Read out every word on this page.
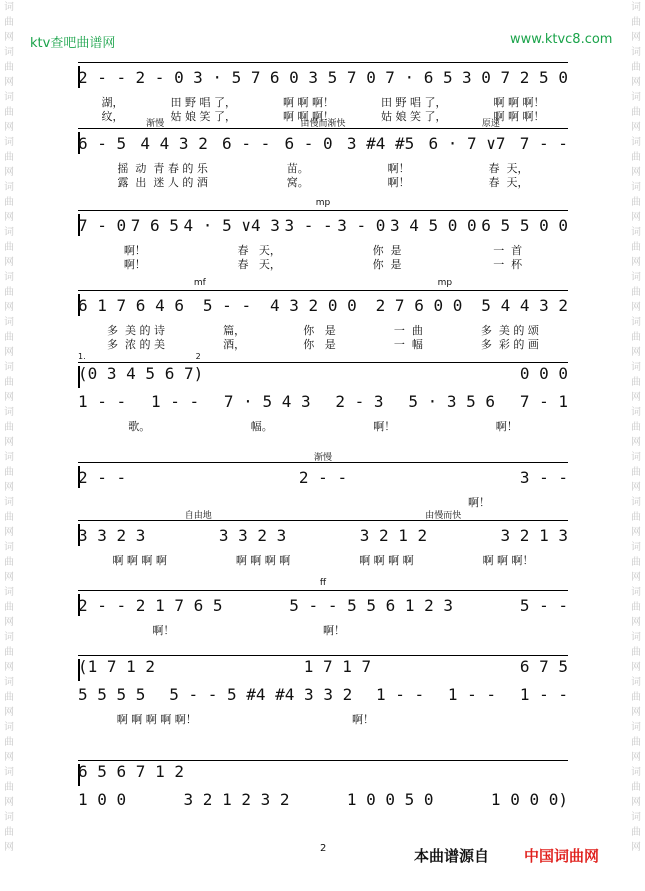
词
曲
网
词
曲
网
词
曲
网
词
曲
网
词
曲
网
词
曲
网
词
曲
网
词
曲
网
词
曲
网
词
曲
网
词
曲
网
词
曲
网
词
曲
网
词
曲
网
词
曲
网
词
曲
网
词
曲
网
词
曲
网
词
曲
网
词
曲
网
词
曲
网
词
曲
网
词
曲
网
词
曲
网
词
曲
网
词
曲
网
词
曲
网
词
曲
网
词
曲
网
词
曲
网
词
曲
网
词
曲
网
词
曲
网
词
曲
网
词
曲
网
词
曲
网
词
曲
网
词
曲
网
ktv查吧曲谱网	www.ktvc8.com
2 - - 2 - 0 3 · 5 7 6 0 3 5 7 0 7 · 6 5 3 0 7 2 5 0
湖，	田 野 唱 了，	啊 啊 啊！	田 野 唱 了，	啊 啊 啊！
纹，	姑 娘 笑 了，	啊 啊 啊！	姑 娘 笑 了，	啊 啊 啊！
渐慢	由慢而渐快	原速
6 - 5 4 4 3 2 6 - - 6 - 0 3 #4 #5 6 · 7 ∨7 7 - -
摇  动  青 春 的 乐	苗。	啊！	春  天，
露  出  迷 人 的 酒	窝。	啊！	春  天，
mp
7 - 0 7 6 5 4 · 5 ∨4 3 3 - - 3 - 0 3 4 5 0 0 6 5 5 0 0
啊！	春   天，	你  是	一  首
啊！	春   天，	你  是	一  杯
mf	mp
6 1 7 6 4 6 5 - - 4 3 2 0 0 2 7 6 0 0 5 4 4 3 2
多  美 的 诗	篇，	你   是	一  曲	多  美 的 颂
多  浓 的 美	酒，	你   是	一  幅	多  彩 的 画
1.	2
(0 3 4 5 6 7)	0 0 0
1 - - 1 - - 7 · 5 4 3 2 - 3 5 · 3 5 6 7 - 1
歌。	幅。	啊！	啊！
渐慢
2 - -	2 - -	3 - -
啊！
自由地	由慢而快
3 3 2 3	3 3 2 3	3 2 1 2	3 2 1 3
啊 啊 啊 啊	啊 啊 啊 啊	啊 啊 啊 啊	啊 啊 啊！
ff
2 - - 2 1 7 6 5	5 - - 5 5 6 1 2 3	5 - -
啊！	啊！
(1 7 1 2	1 7 1 7	6 7 5
5 5 5 5 5 - - 5 #4 #4 3 3 2 1 - - 1 - - 1 - -
啊 啊 啊 啊 啊！	啊！
6 5 6 7 1 2
1 0 0	3 2 1 2 3 2	1 0 0 5 0	1 0 0 0)
2	本曲谱源自 中国词曲网
